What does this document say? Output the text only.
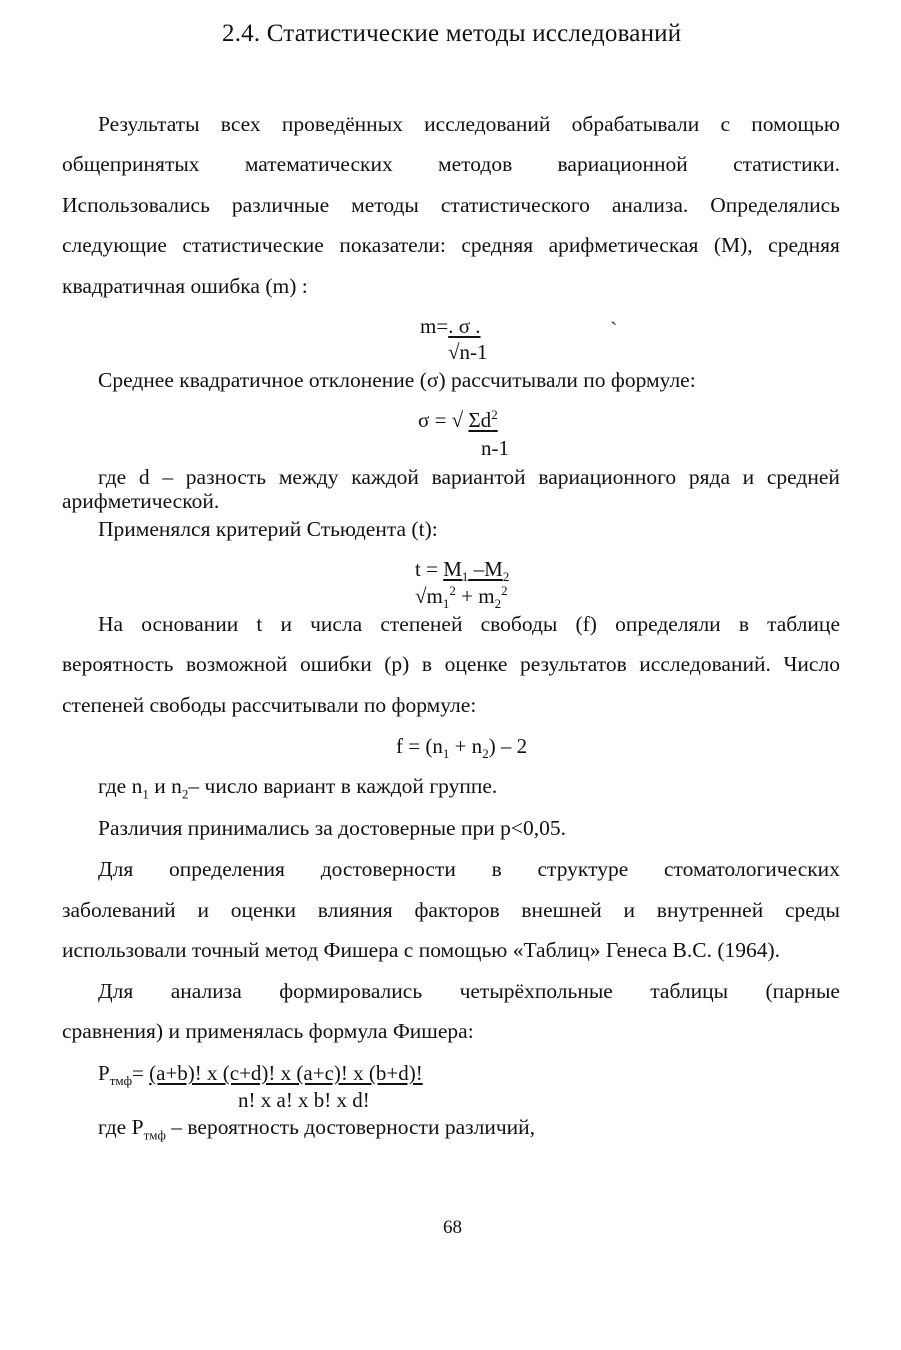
2.4. Статистические методы исследований
Результаты всех проведённых исследований обрабатывали с помощью
общепринятых математических методов вариационной статистики.
Использовались различные методы статистического анализа. Определялись
следующие статистические показатели: средняя арифметическая (М), средняя
квадратичная ошибка (m) :
ˏ
m=. σ .
√n-1
Среднее квадратичное отклонение (σ) рассчитывали по формуле:
σ = √ $\Sigma d^2$
n-1
где d – разность между каждой вариантой вариационного ряда и средней
арифметической.
Применялся критерий Стьюдента (t):
$t = M_1$ $-M_2$
$√m_1^2 + m_2^2$
На основании t и числа степеней свободы (f) определяли в таблице
вероятность возможной ошибки (p) в оценке результатов исследований. Число
степеней свободы рассчитывали по формуле:
$f = (n_1 + n_2) - 2$
где $n_1$ и $n_2-$ число вариант в каждой группе.
Различия принимались за достоверные при p<0,05.
Для определения достоверности в структуре стоматологических
заболеваний и оценки влияния факторов внешней и внутренней среды
использовали точный метод Фишера с помощью «Таблиц» Генеса В.С. (1964).
Для анализа формировались четырёхпольные таблицы (парные
сравнения) и применялась формула Фишера:
$P_{тмф}= (a+b)$! x (c+d)! x (a+c)! x (b+d)!
n! x a! x b! x d!
где $P_{тмф}$ – вероятность достоверности различий,
68
